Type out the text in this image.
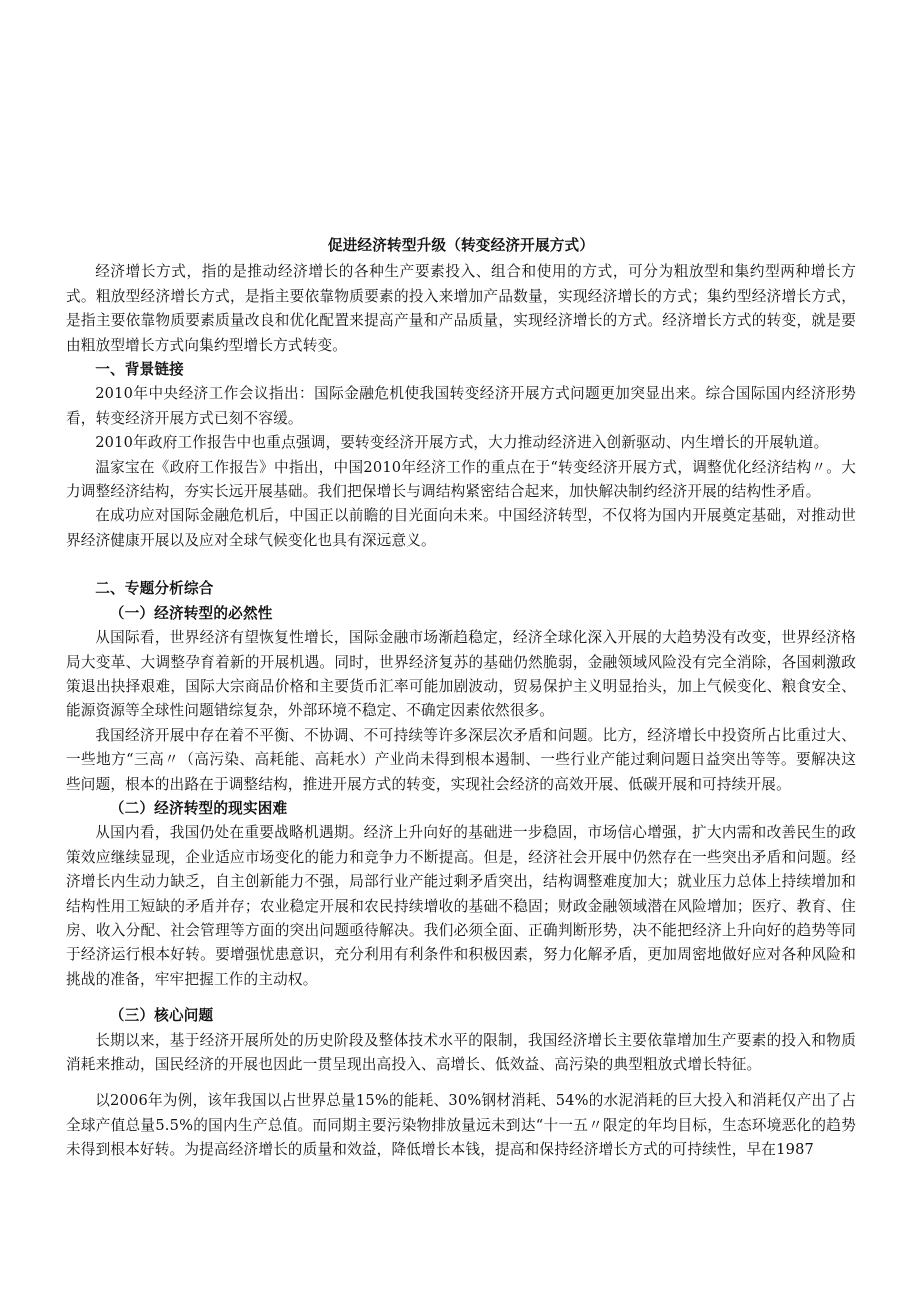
促进经济转型升级（转变经济开展方式）

经济增长方式，指的是推动经济增长的各种生产要素投入、组合和使用的方式，可分为粗放型和集约型两种增长方式。粗放型经济增长方式，是指主要依靠物质要素的投入来增加产品数量，实现经济增长的方式；集约型经济增长方式，是指主要依靠物质要素质量改良和优化配置来提高产量和产品质量，实现经济增长的方式。经济增长方式的转变，就是要由粗放型增长方式向集约型增长方式转变。

一、背景链接

2010年中央经济工作会议指出：国际金融危机使我国转变经济开展方式问题更加突显出来。综合国际国内经济形势看，转变经济开展方式已刻不容缓。

2010年政府工作报告中也重点强调，要转变经济开展方式，大力推动经济进入创新驱动、内生增长的开展轨道。

温家宝在《政府工作报告》中指出，中国2010年经济工作的重点在于“转变经济开展方式，调整优化经济结构〃。大力调整经济结构，夯实长远开展基础。我们把保增长与调结构紧密结合起来，加快解决制约经济开展的结构性矛盾。

在成功应对国际金融危机后，中国正以前瞻的目光面向未来。中国经济转型，不仅将为国内开展奠定基础，对推动世界经济健康开展以及应对全球气候变化也具有深远意义。

二、专题分析综合
（一）经济转型的必然性

从国际看，世界经济有望恢复性增长，国际金融市场渐趋稳定，经济全球化深入开展的大趋势没有改变，世界经济格局大变革、大调整孕育着新的开展机遇。同时，世界经济复苏的基础仍然脆弱，金融领域风险没有完全消除，各国刺激政策退出抉择艰难，国际大宗商品价格和主要货币汇率可能加剧波动，贸易保护主义明显抬头，加上气候变化、粮食安全、能源资源等全球性问题错综复杂，外部环境不稳定、不确定因素依然很多。

我国经济开展中存在着不平衡、不协调、不可持续等许多深层次矛盾和问题。比方，经济增长中投资所占比重过大、一些地方“三高〃（高污染、高耗能、高耗水）产业尚未得到根本遏制、一些行业产能过剩问题日益突出等等。要解决这些问题，根本的出路在于调整结构，推进开展方式的转变，实现社会经济的高效开展、低碳开展和可持续开展。

（二）经济转型的现实困难

从国内看，我国仍处在重要战略机遇期。经济上升向好的基础进一步稳固，市场信心增强，扩大内需和改善民生的政策效应继续显现，企业适应市场变化的能力和竞争力不断提高。但是，经济社会开展中仍然存在一些突出矛盾和问题。经济增长内生动力缺乏，自主创新能力不强，局部行业产能过剩矛盾突出，结构调整难度加大；就业压力总体上持续增加和结构性用工短缺的矛盾并存；农业稳定开展和农民持续增收的基础不稳固；财政金融领域潜在风险增加；医疗、教育、住房、收入分配、社会管理等方面的突出问题亟待解决。我们必须全面、正确判断形势，决不能把经济上升向好的趋势等同于经济运行根本好转。要增强忧患意识，充分利用有利条件和积极因素，努力化解矛盾，更加周密地做好应对各种风险和挑战的准备，牢牢把握工作的主动权。

（三）核心问题

长期以来，基于经济开展所处的历史阶段及整体技术水平的限制，我国经济增长主要依靠增加生产要素的投入和物质消耗来推动，国民经济的开展也因此一贯呈现出高投入、高增长、低效益、高污染的典型粗放式增长特征。

以2006年为例，该年我国以占世界总量15%的能耗、30%钢材消耗、54%的水泥消耗的巨大投入和消耗仅产出了占全球产值总量5.5%的国内生产总值。而同期主要污染物排放量远未到达“十一五〃限定的年均目标，生态环境恶化的趋势未得到根本好转。为提高经济增长的质量和效益，降低增长本钱，提高和保持经济增长方式的可持续性，早在1987
